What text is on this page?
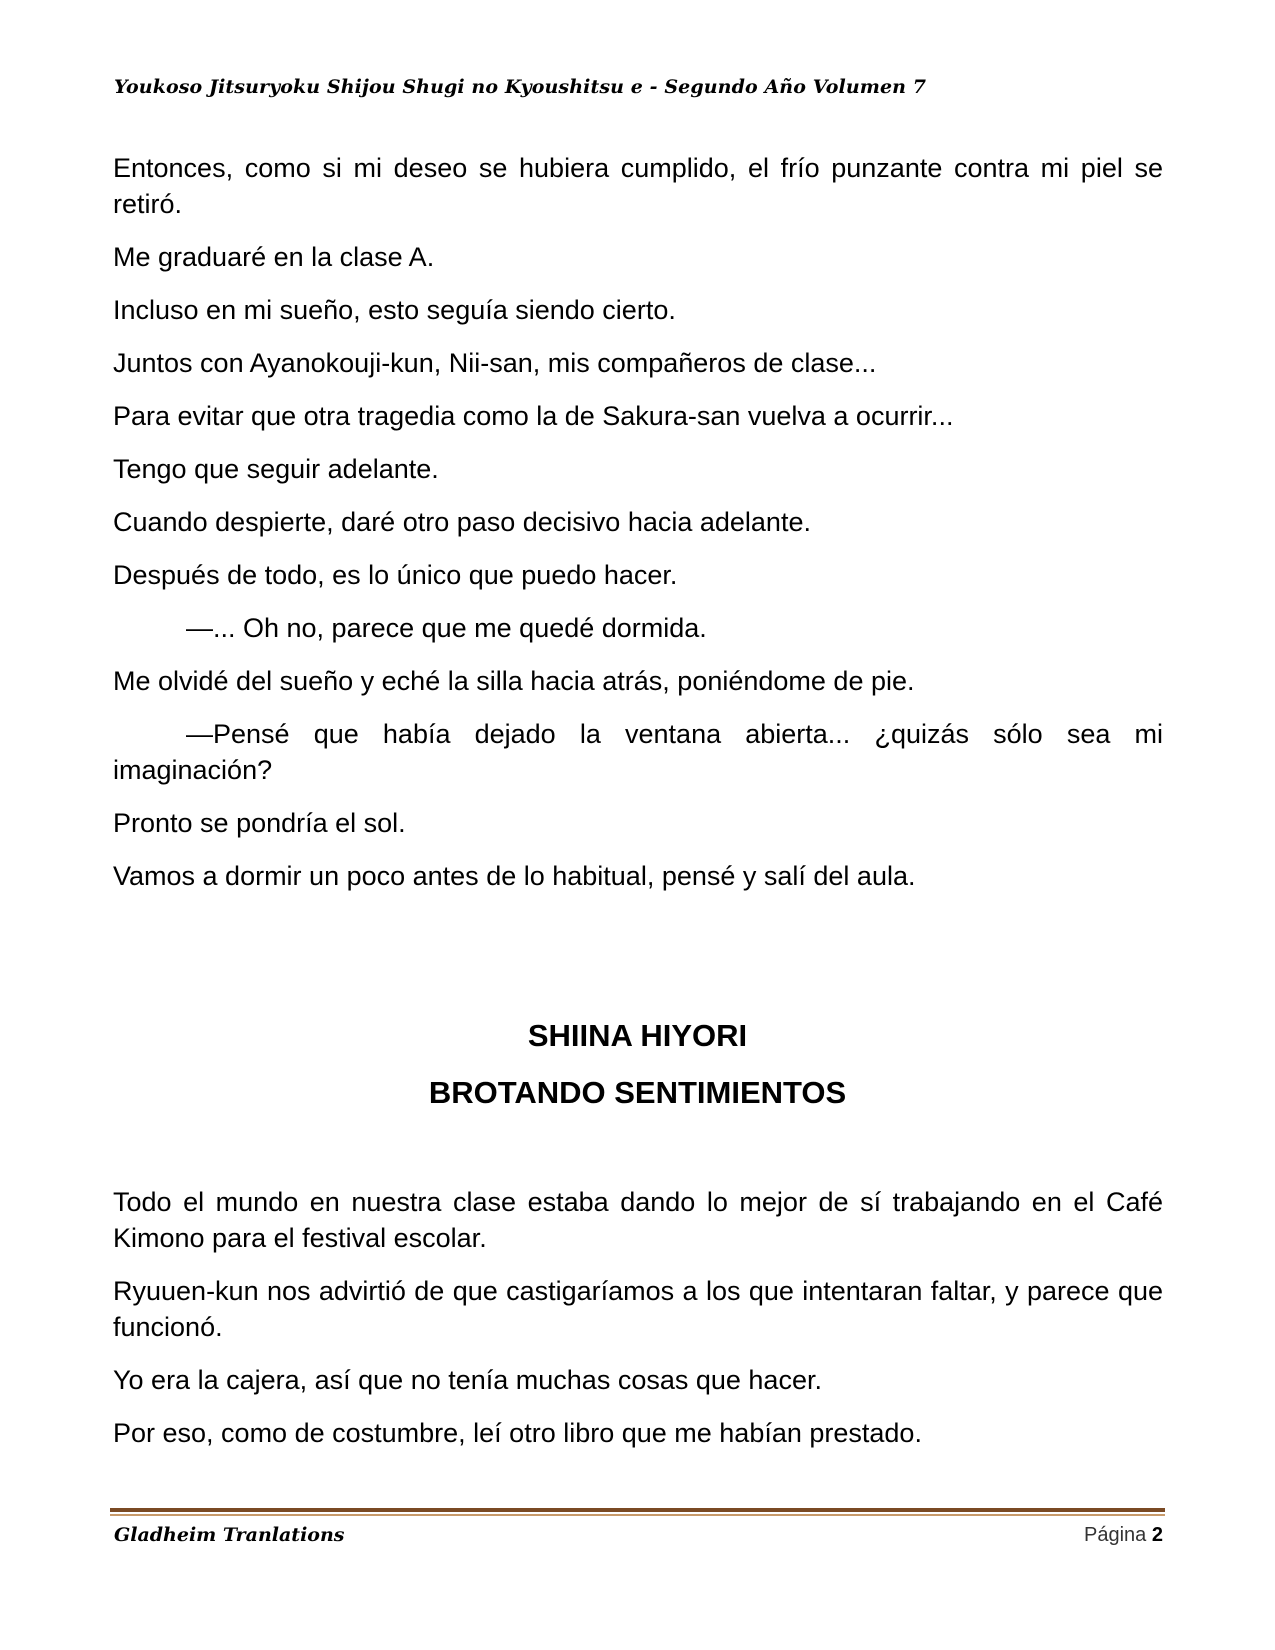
Youkoso Jitsuryoku Shijou Shugi no Kyoushitsu e - Segundo Año Volumen 7

Entonces, como si mi deseo se hubiera cumplido, el frío punzante contra mi piel se retiró.

Me graduaré en la clase A.

Incluso en mi sueño, esto seguía siendo cierto.

Juntos con Ayanokouji-kun, Nii-san, mis compañeros de clase...

Para evitar que otra tragedia como la de Sakura-san vuelva a ocurrir...

Tengo que seguir adelante.

Cuando despierte, daré otro paso decisivo hacia adelante.

Después de todo, es lo único que puedo hacer.

—... Oh no, parece que me quedé dormida.

Me olvidé del sueño y eché la silla hacia atrás, poniéndome de pie.

—Pensé que había dejado la ventana abierta... ¿quizás sólo sea mi imaginación?

Pronto se pondría el sol.

Vamos a dormir un poco antes de lo habitual, pensé y salí del aula.

SHIINA HIYORI
BROTANDO SENTIMIENTOS

Todo el mundo en nuestra clase estaba dando lo mejor de sí trabajando en el Café Kimono para el festival escolar.

Ryuuen-kun nos advirtió de que castigaríamos a los que intentaran faltar, y parece que funcionó.

Yo era la cajera, así que no tenía muchas cosas que hacer.

Por eso, como de costumbre, leí otro libro que me habían prestado.

Gladheim Tranlations	Página 2
